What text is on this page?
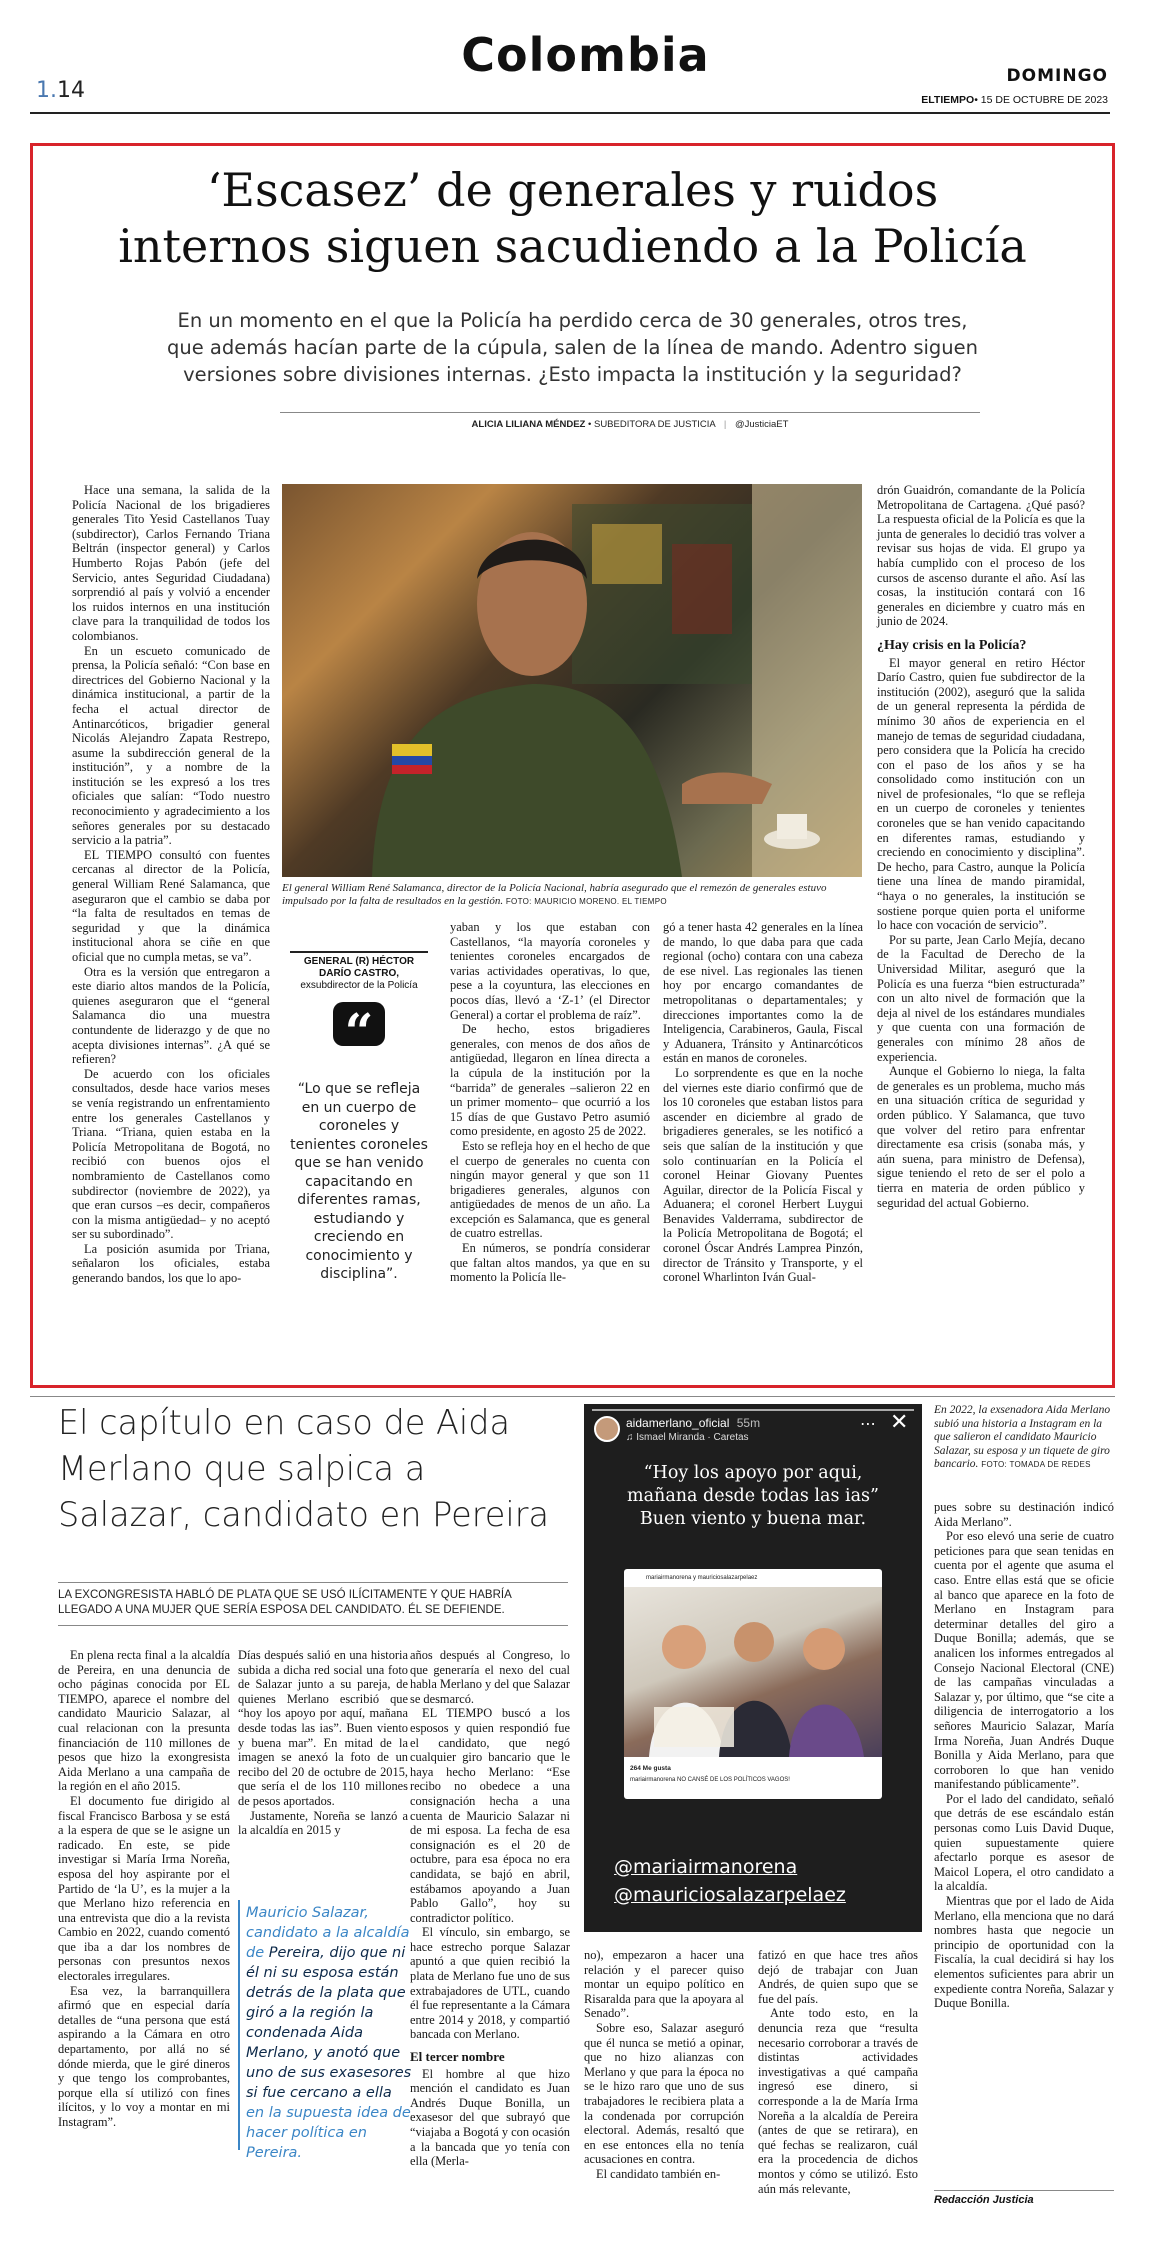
1.14
Colombia	DOMINGO
ELTIEMPO• 15 DE OCTUBRE DE 2023
‘Escasez’ de generales y ruidos
internos siguen sacudiendo a la Policía
En un momento en el que la Policía ha perdido cerca de 30 generales, otros tres,
que además hacían parte de la cúpula, salen de la línea de mando. Adentro siguen
versiones sobre divisiones internas. ¿Esto impacta la institución y la seguridad?
ALICIA LILIANA MÉNDEZ • SUBEDITORA DE JUSTICIA | @JusticiaET
El general William René Salamanca, director de la Policía Nacional, habría asegurado que el remezón de generales estuvo impulsado por la falta de resultados en la gestión. FOTO: MAURICIO MORENO. EL TIEMPO

Hace una semana, la salida de la Policía Nacional de los brigadieres generales Tito Yesid Castellanos Tuay (subdirector), Carlos Fernando Triana Beltrán (inspector general) y Carlos Humberto Rojas Pabón (jefe del Servicio, antes Seguridad Ciudadana) sorprendió al país y volvió a encender los ruidos internos en una institución clave para la tranquilidad de todos los colombianos.

En un escueto comunicado de prensa, la Policía señaló: “Con base en directrices del Gobierno Nacional y la dinámica institucional, a partir de la fecha el actual director de Antinarcóticos, brigadier general Nicolás Alejandro Zapata Restrepo, asume la subdirección general de la institución”, y a nombre de la institución se les expresó a los tres oficiales que salían: “Todo nuestro reconocimiento y agradecimiento a los señores generales por su destacado servicio a la patria”.

EL TIEMPO consultó con fuentes cercanas al director de la Policía, general William René Salamanca, que aseguraron que el cambio se daba por “la falta de resultados en temas de seguridad y que la dinámica institucional ahora se ciñe en que oficial que no cumpla metas, se va”.

Otra es la versión que entregaron a este diario altos mandos de la Policía, quienes aseguraron que el “general Salamanca dio una muestra contundente de liderazgo y de que no acepta divisiones internas”. ¿A qué se refieren?

De acuerdo con los oficiales consultados, desde hace varios meses se venía registrando un enfrentamiento entre los generales Castellanos y Triana. “Triana, quien estaba en la Policía Metropolitana de Bogotá, no recibió con buenos ojos el nombramiento de Castellanos como subdirector (noviembre de 2022), ya que eran cursos –es decir, compañeros con la misma antigüedad– y no aceptó ser su subordinado”.

La posición asumida por Triana, señalaron los oficiales, estaba generando bandos, los que lo apo-

GENERAL (R) HÉCTOR DARÍO CASTRO,
exsubdirector de la Policía
“
“Lo que se refleja en un cuerpo de coroneles y tenientes coroneles que se han venido capacitando en diferentes ramas, estudiando y creciendo en conocimiento y disciplina”.

yaban y los que estaban con Castellanos, “la mayoría coroneles y tenientes coroneles encargados de varias actividades operativas, lo que, pese a la coyuntura, las elecciones en pocos días, llevó a ‘Z-1’ (el Director General) a cortar el problema de raíz”.

De hecho, estos brigadieres generales, con menos de dos años de antigüedad, llegaron en línea directa a la cúpula de la institución por la “barrida” de generales –salieron 22 en un primer momento– que ocurrió a los 15 días de que Gustavo Petro asumió como presidente, en agosto 25 de 2022.

Esto se refleja hoy en el hecho de que el cuerpo de generales no cuenta con ningún mayor general y que son 11 brigadieres generales, algunos con antigüedades de menos de un año. La excepción es Salamanca, que es general de cuatro estrellas.

En números, se pondría considerar que faltan altos mandos, ya que en su momento la Policía lle-

gó a tener hasta 42 generales en la línea de mando, lo que daba para que cada regional (ocho) contara con una cabeza de ese nivel. Las regionales las tienen hoy por encargo comandantes de metropolitanas o departamentales; y direcciones importantes como la de Inteligencia, Carabineros, Gaula, Fiscal y Aduanera, Tránsito y Antinarcóticos están en manos de coroneles.

Lo sorprendente es que en la noche del viernes este diario confirmó que de los 10 coroneles que estaban listos para ascender en diciembre al grado de brigadieres generales, se les notificó a seis que salían de la institución y que solo continuarían en la Policía el coronel Heinar Giovany Puentes Aguilar, director de la Policía Fiscal y Aduanera; el coronel Herbert Luygui Benavides Valderrama, subdirector de la Policía Metropolitana de Bogotá; el coronel Óscar Andrés Lamprea Pinzón, director de Tránsito y Transporte, y el coronel Wharlinton Iván Gual-

drón Guaidrón, comandante de la Policía Metropolitana de Cartagena. ¿Qué pasó? La respuesta oficial de la Policía es que la junta de generales lo decidió tras volver a revisar sus hojas de vida. El grupo ya había cumplido con el proceso de los cursos de ascenso durante el año. Así las cosas, la institución contará con 16 generales en diciembre y cuatro más en junio de 2024.

¿Hay crisis en la Policía?

El mayor general en retiro Héctor Darío Castro, quien fue subdirector de la institución (2002), aseguró que la salida de un general representa la pérdida de mínimo 30 años de experiencia en el manejo de temas de seguridad ciudadana, pero considera que la Policía ha crecido con el paso de los años y se ha consolidado como institución con un nivel de profesionales, “lo que se refleja en un cuerpo de coroneles y tenientes coroneles que se han venido capacitando en diferentes ramas, estudiando y creciendo en conocimiento y disciplina”. De hecho, para Castro, aunque la Policía tiene una línea de mando piramidal, “haya o no generales, la institución se sostiene porque quien porta el uniforme lo hace con vocación de servicio”.

Por su parte, Jean Carlo Mejía, decano de la Facultad de Derecho de la Universidad Militar, aseguró que la Policía es una fuerza “bien estructurada” con un alto nivel de formación que la deja al nivel de los estándares mundiales y que cuenta con una formación de generales con mínimo 28 años de experiencia.

Aunque el Gobierno lo niega, la falta de generales es un problema, mucho más en una situación crítica de seguridad y orden público. Y Salamanca, que tuvo que volver del retiro para enfrentar directamente esa crisis (sonaba más, y aún suena, para ministro de Defensa), sigue teniendo el reto de ser el polo a tierra en materia de orden público y seguridad del actual Gobierno.

El capítulo en caso de Aida
Merlano que salpica a
Salazar, candidato en Pereira
LA EXCONGRESISTA HABLÓ DE PLATA QUE SE USÓ ILÍCITAMENTE Y QUE HABRÍA
LLEGADO A UNA MUJER QUE SERÍA ESPOSA DEL CANDIDATO. ÉL SE DEFIENDE.

En plena recta final a la alcaldía de Pereira, en una denuncia de ocho páginas conocida por EL TIEMPO, aparece el nombre del candidato Mauricio Salazar, al cual relacionan con la presunta financiación de 110 millones de pesos que hizo la exongresista Aida Merlano a una campaña de la región en el año 2015.

El documento fue dirigido al fiscal Francisco Barbosa y se está a la espera de que se le asigne un radicado. En este, se pide investigar si María Irma Noreña, esposa del hoy aspirante por el Partido de ‘la U’, es la mujer a la que Merlano hizo referencia en una entrevista que dio a la revista Cambio en 2022, cuando comentó que iba a dar los nombres de personas con presuntos nexos electorales irregulares.

Esa vez, la barranquillera afirmó que en especial daría detalles de “una persona que está aspirando a la Cámara en otro departamento, por allá no sé dónde mierda, que le giré dineros y que tengo los comprobantes, porque ella sí utilizó con fines ilícitos, y lo voy a montar en mi Instagram”.

Días después salió en una historia subida a dicha red social una foto de Salazar junto a su pareja, de quienes Merlano escribió que “hoy los apoyo por aquí, mañana desde todas las ias”. Buen viento y buena mar”. En mitad de la imagen se anexó la foto de un recibo del 20 de octubre de 2015, que sería el de los 110 millones de pesos aportados.

Justamente, Noreña se lanzó a la alcaldía en 2015 y

Mauricio Salazar, candidato a la alcaldía de Pereira, dijo que ni él ni su esposa están detrás de la plata que giró a la región la condenada Aida Merlano, y anotó que uno de sus exasesores si fue cercano a ella en la supuesta idea de hacer política en Pereira.

años después al Congreso, lo que generaría el nexo del cual habla Merlano y del que Salazar se desmarcó.

EL TIEMPO buscó a los esposos y quien respondió fue el candidato, que negó cualquier giro bancario que le haya hecho Merlano: “Ese recibo no obedece a una consignación hecha a una cuenta de Mauricio Salazar ni de mi esposa. La fecha de esa consignación es el 20 de octubre, para esa época no era candidata, se bajó en abril, estábamos apoyando a Juan Pablo Gallo”, hoy su contradictor político.

El vínculo, sin embargo, se hace estrecho porque Salazar apuntó a que quien recibió la plata de Merlano fue uno de sus extrabajadores de UTL, cuando él fue representante a la Cámara entre 2014 y 2018, y compartió bancada con Merlano.

El tercer nombre

El hombre al que hizo mención el candidato es Juan Andrés Duque Bonilla, un exasesor del que subrayó que “viajaba a Bogotá y con ocasión a la bancada que yo tenía con ella (Merla-

aidamerlano_oficial 55m
♫ Ismael Miranda · Caretas
⋯ ✕
“Hoy los apoyo por aqui, mañana desde todas las ias” Buen viento y buena mar.
mariairmanorena y mauriciosalazarpelaez
264 Me gusta
mariairmanorena NO CANSÉ DE LOS POLÍTICOS VAGOS!
@mariairmanorena
@mauriciosalazarpelaez
En 2022, la exsenadora Aida Merlano subió una historia a Instagram en la que salieron el candidato Mauricio Salazar, su esposa y un tiquete de giro bancario. FOTO: TOMADA DE REDES

no), empezaron a hacer una relación y el parecer quiso montar un equipo político en Risaralda para que la apoyara al Senado”.

Sobre eso, Salazar aseguró que él nunca se metió a opinar, que no hizo alianzas con Merlano y que para la época no se le hizo raro que uno de sus trabajadores le recibiera plata a la condenada por corrupción electoral. Además, resaltó que en ese entonces ella no tenía acusaciones en contra.

El candidato también en-

fatizó en que hace tres años dejó de trabajar con Juan Andrés, de quien supo que se fue del país.

Ante todo esto, en la denuncia reza que “resulta necesario corroborar a través de distintas actividades investigativas a qué campaña ingresó ese dinero, si corresponde a la de María Irma Noreña a la alcaldía de Pereira (antes de que se retirara), en qué fechas se realizaron, cuál era la procedencia de dichos montos y cómo se utilizó. Esto aún más relevante,

pues sobre su destinación indicó Aida Merlano”.

Por eso elevó una serie de cuatro peticiones para que sean tenidas en cuenta por el agente que asuma el caso. Entre ellas está que se oficie al banco que aparece en la foto de Merlano en Instagram para determinar detalles del giro a Duque Bonilla; además, que se analicen los informes entregados al Consejo Nacional Electoral (CNE) de las campañas vinculadas a Salazar y, por último, que “se cite a diligencia de interrogatorio a los señores Mauricio Salazar, María Irma Noreña, Juan Andrés Duque Bonilla y Aida Merlano, para que corroboren lo que han venido manifestando públicamente”.

Por el lado del candidato, señaló que detrás de ese escándalo están personas como Luis David Duque, quien supuestamente quiere afectarlo porque es asesor de Maicol Lopera, el otro candidato a la alcaldía.

Mientras que por el lado de Aida Merlano, ella menciona que no dará nombres hasta que negocie un principio de oportunidad con la Fiscalía, la cual decidirá si hay los elementos suficientes para abrir un expediente contra Noreña, Salazar y Duque Bonilla.

Redacción Justicia
